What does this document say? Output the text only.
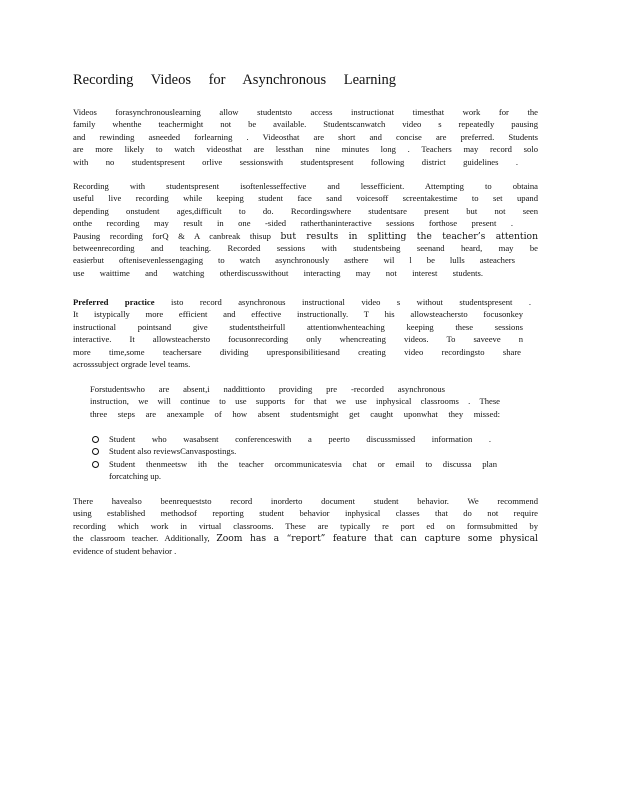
Recording Videos for Asynchronous Learning
Videos forasynchronouslearning allow studentsto access instructionat timesthat work for the
family whenthe teachermight not be available. Studentscanwatch video s repeatedly pausing
and rewinding asneeded forlearning . Videosthat are short and concise are preferred. Students
are more likely to watch videosthat are lessthan nine minutes long . Teachers may record solo
with no studentspresent orlive sessionswith studentspresent following district guidelines .
Recording with studentspresent isoftenlesseffective and lessefficient. Attempting to obtaina
useful live recording while keeping student face sand voicesoff screentakestime to set upand
depending onstudent ages,difficult to do. Recordingswhere studentsare present but not seen
onthe recording may result in one -sided ratherthaninteractive sessions forthose present .
Pausing recording forQ & A canbreak thisup but results in splitting the teacher’s attention
betweenrecording and teaching. Recorded sessions with studentsbeing seenand heard, may be
easierbut oftenisevenlessengaging to watch asynchronously asthere wil l be lulls asteachers
use waittime and watching otherdiscusswithout interacting may not interest students.
Preferred practice isto record asynchronous instructional video s without studentspresent .
It istypically more efficient and effective instructionally. T his allowsteachersto focusonkey
instructional pointsand give studentstheirfull attentionwhenteaching keeping these sessions
interactive. It allowsteachersto focusonrecording only whencreating videos. To saveeve n
more time,some teachersare dividing upresponsibilitiesand creating video recordingsto share
acrosssubject orgrade level teams.
Forstudentswho are absent,i naddittionto providing pre -recorded asynchronous
instruction, we will continue to use supports for that we use inphysical classrooms . These
three steps are anexample of how absent studentsmight get caught uponwhat they missed:
Student who wasabsent conferenceswith a peerto discussmissed information .
Student also reviewsCanvaspostings.
Student thenmeetsw ith the teacher orcommunicatesvia chat or email to discussa plan
forcatching up.
There havealso beenrequeststo record inorderto document student behavior. We recommend
using established methodsof reporting student behavior inphysical classes that do not require
recording which work in virtual classrooms. These are typically re port ed on formsubmitted by
the classroom teacher. Additionally, Zoom has a “report” feature that can capture some physical
evidence of student behavior .
